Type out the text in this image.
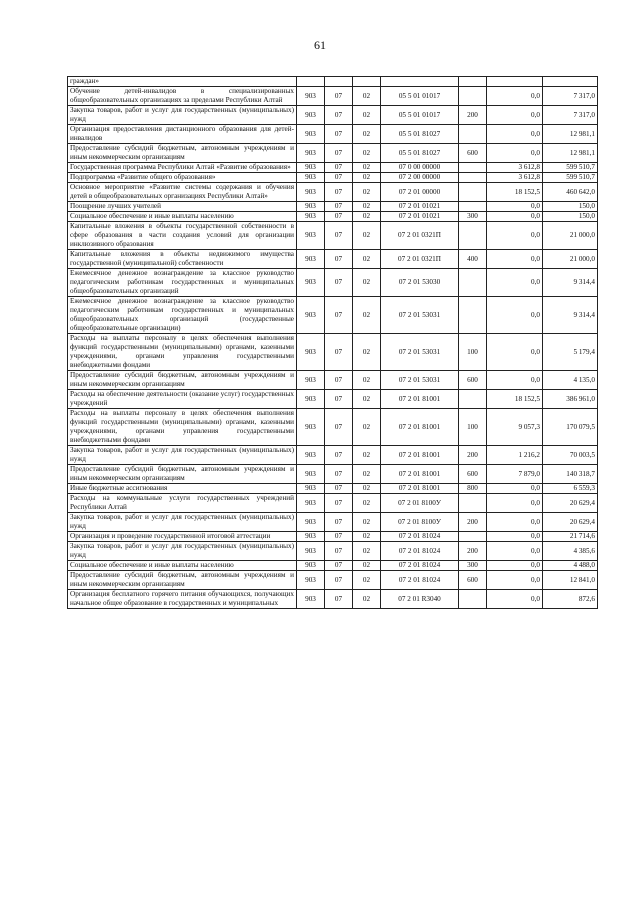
61
граждан»							
Обучение детей-инвалидов в специализированных общеобразовательных организациях за пределами Республики Алтай	903	07	02	05 5 01 01017		0,0	7 317,0
Закупка товаров, работ и услуг для государственных (муниципальных) нужд	903	07	02	05 5 01 01017	200	0,0	7 317,0
Организация предоставления дистанционного образования для детей-инвалидов	903	07	02	05 5 01 81027		0,0	12 981,1
Предоставление субсидий бюджетным, автономным учреждениям и иным некоммерческим организациям	903	07	02	05 5 01 81027	600	0,0	12 981,1
Государственная программа Республики Алтай «Развитие образования»	903	07	02	07 0 00 00000		3 612,8	599 510,7
Подпрограмма «Развитие общего образования»	903	07	02	07 2 00 00000		3 612,8	599 510,7
Основное мероприятие «Развитие системы содержания и обучения детей в общеобразовательных организациях Республики Алтай»	903	07	02	07 2 01 00000		18 152,5	460 642,0
Поощрение лучших учителей	903	07	02	07 2 01 01021		0,0	150,0
Социальное обеспечение и иные выплаты населению	903	07	02	07 2 01 01021	300	0,0	150,0
Капитальные вложения в объекты государственной собственности в сфере образования в части создания условий для организации инклюзивного образования	903	07	02	07 2 01 0321П		0,0	21 000,0
Капитальные вложения в объекты недвижимого имущества государственной (муниципальной) собственности	903	07	02	07 2 01 0321П	400	0,0	21 000,0
Ежемесячное денежное вознаграждение за классное руководство педагогическим работникам государственных и муниципальных общеобразовательных организаций	903	07	02	07 2 01 53030		0,0	9 314,4
Ежемесячное денежное вознаграждение за классное руководство педагогическим работникам государственных и муниципальных общеобразовательных организаций (государственные общеобразовательные организации)	903	07	02	07 2 01 53031		0,0	9 314,4
Расходы на выплаты персоналу в целях обеспечения выполнения функций государственными (муниципальными) органами, казенными учреждениями, органами управления государственными внебюджетными фондами	903	07	02	07 2 01 53031	100	0,0	5 179,4
Предоставление субсидий бюджетным, автономным учреждениям и иным некоммерческим организациям	903	07	02	07 2 01 53031	600	0,0	4 135,0
Расходы на обеспечение деятельности (оказание услуг) государственных учреждений	903	07	02	07 2 01 81001		18 152,5	386 961,0
Расходы на выплаты персоналу в целях обеспечения выполнения функций государственными (муниципальными) органами, казенными учреждениями, органами управления государственными внебюджетными фондами	903	07	02	07 2 01 81001	100	9 057,3	170 079,5
Закупка товаров, работ и услуг для государственных (муниципальных) нужд	903	07	02	07 2 01 81001	200	1 216,2	70 003,5
Предоставление субсидий бюджетным, автономным учреждениям и иным некоммерческим организациям	903	07	02	07 2 01 81001	600	7 879,0	140 318,7
Иные бюджетные ассигнования	903	07	02	07 2 01 81001	800	0,0	6 559,3
Расходы на коммунальные услуги государственных учреждений Республики Алтай	903	07	02	07 2 01 8100У		0,0	20 629,4
Закупка товаров, работ и услуг для государственных (муниципальных) нужд	903	07	02	07 2 01 8100У	200	0,0	20 629,4
Организация и проведение государственной итоговой аттестации	903	07	02	07 2 01 81024		0,0	21 714,6
Закупка товаров, работ и услуг для государственных (муниципальных) нужд	903	07	02	07 2 01 81024	200	0,0	4 385,6
Социальное обеспечение и иные выплаты населению	903	07	02	07 2 01 81024	300	0,0	4 488,0
Предоставление субсидий бюджетным, автономным учреждениям и иным некоммерческим организациям	903	07	02	07 2 01 81024	600	0,0	12 841,0
Организация бесплатного горячего питания обучающихся, получающих начальное общее образование в государственных и муниципальных	903	07	02	07 2 01 R3040		0,0	872,6
